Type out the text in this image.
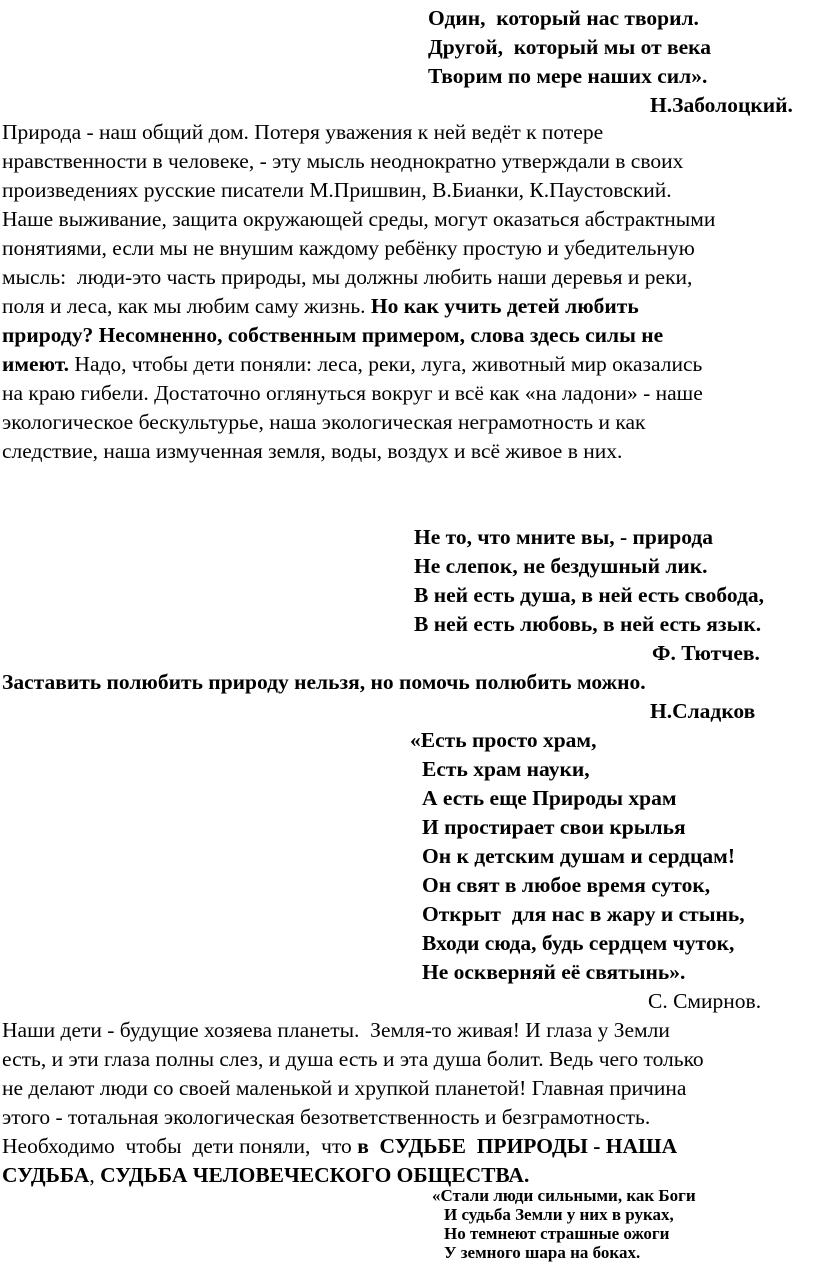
Один,  который нас творил.

Другой,  который мы от века

Творим по мере наших сил».

Н.Заболоцкий.

Природа - наш общий дом. Потеря уважения к ней ведёт к потере

нравственности в человеке, - эту мысль неоднократно утверждали в своих

произведениях русские писатели М.Пришвин, В.Бианки, К.Паустовский.

Наше выживание, защита окружающей среды, могут оказаться абстрактными

понятиями, если мы не внушим каждому ребёнку простую и убедительную

мысль:  люди-это часть природы, мы должны любить наши деревья и реки,

поля и леса, как мы любим саму жизнь. Но как учить детей любить

природу? Несомненно, собственным примером, слова здесь силы не

имеют. Надо, чтобы дети поняли: леса, реки, луга, животный мир оказались

на краю гибели. Достаточно оглянуться вокруг и всё как «на ладони» - наше

экологическое бескультурье, наша экологическая неграмотность и как

следствие, наша измученная земля, воды, воздух и всё живое в них.

Не то, что мните вы, - природа

Не слепок, не бездушный лик.

В ней есть душа, в ней есть свобода,

В ней есть любовь, в ней есть язык.

Ф. Тютчев.

Заставить полюбить природу нельзя, но помочь полюбить можно.

Н.Сладков

«Есть просто храм,

Есть храм науки,

А есть еще Природы храм

И простирает свои крылья

Он к детским душам и сердцам!

Он свят в любое время суток,

Открыт  для нас в жару и стынь,

Входи сюда, будь сердцем чуток,

Не оскверняй её святынь».

С. Смирнов.

Наши дети - будущие хозяева планеты.  Земля-то живая! И глаза у Земли

есть, и эти глаза полны слез, и душа есть и эта душа болит. Ведь чего только

не делают люди со своей маленькой и хрупкой планетой! Главная причина

этого - тотальная экологическая безответственность и безграмотность.

Необходимо  чтобы  дети поняли,  что в  СУДЬБЕ  ПРИРОДЫ - НАША

СУДЬБА, СУДЬБА ЧЕЛОВЕЧЕСКОГО ОБЩЕСТВА.

«Стали люди сильными, как Боги

И судьба Земли у них в руках,

Но темнеют страшные ожоги

У земного шара на боках.
